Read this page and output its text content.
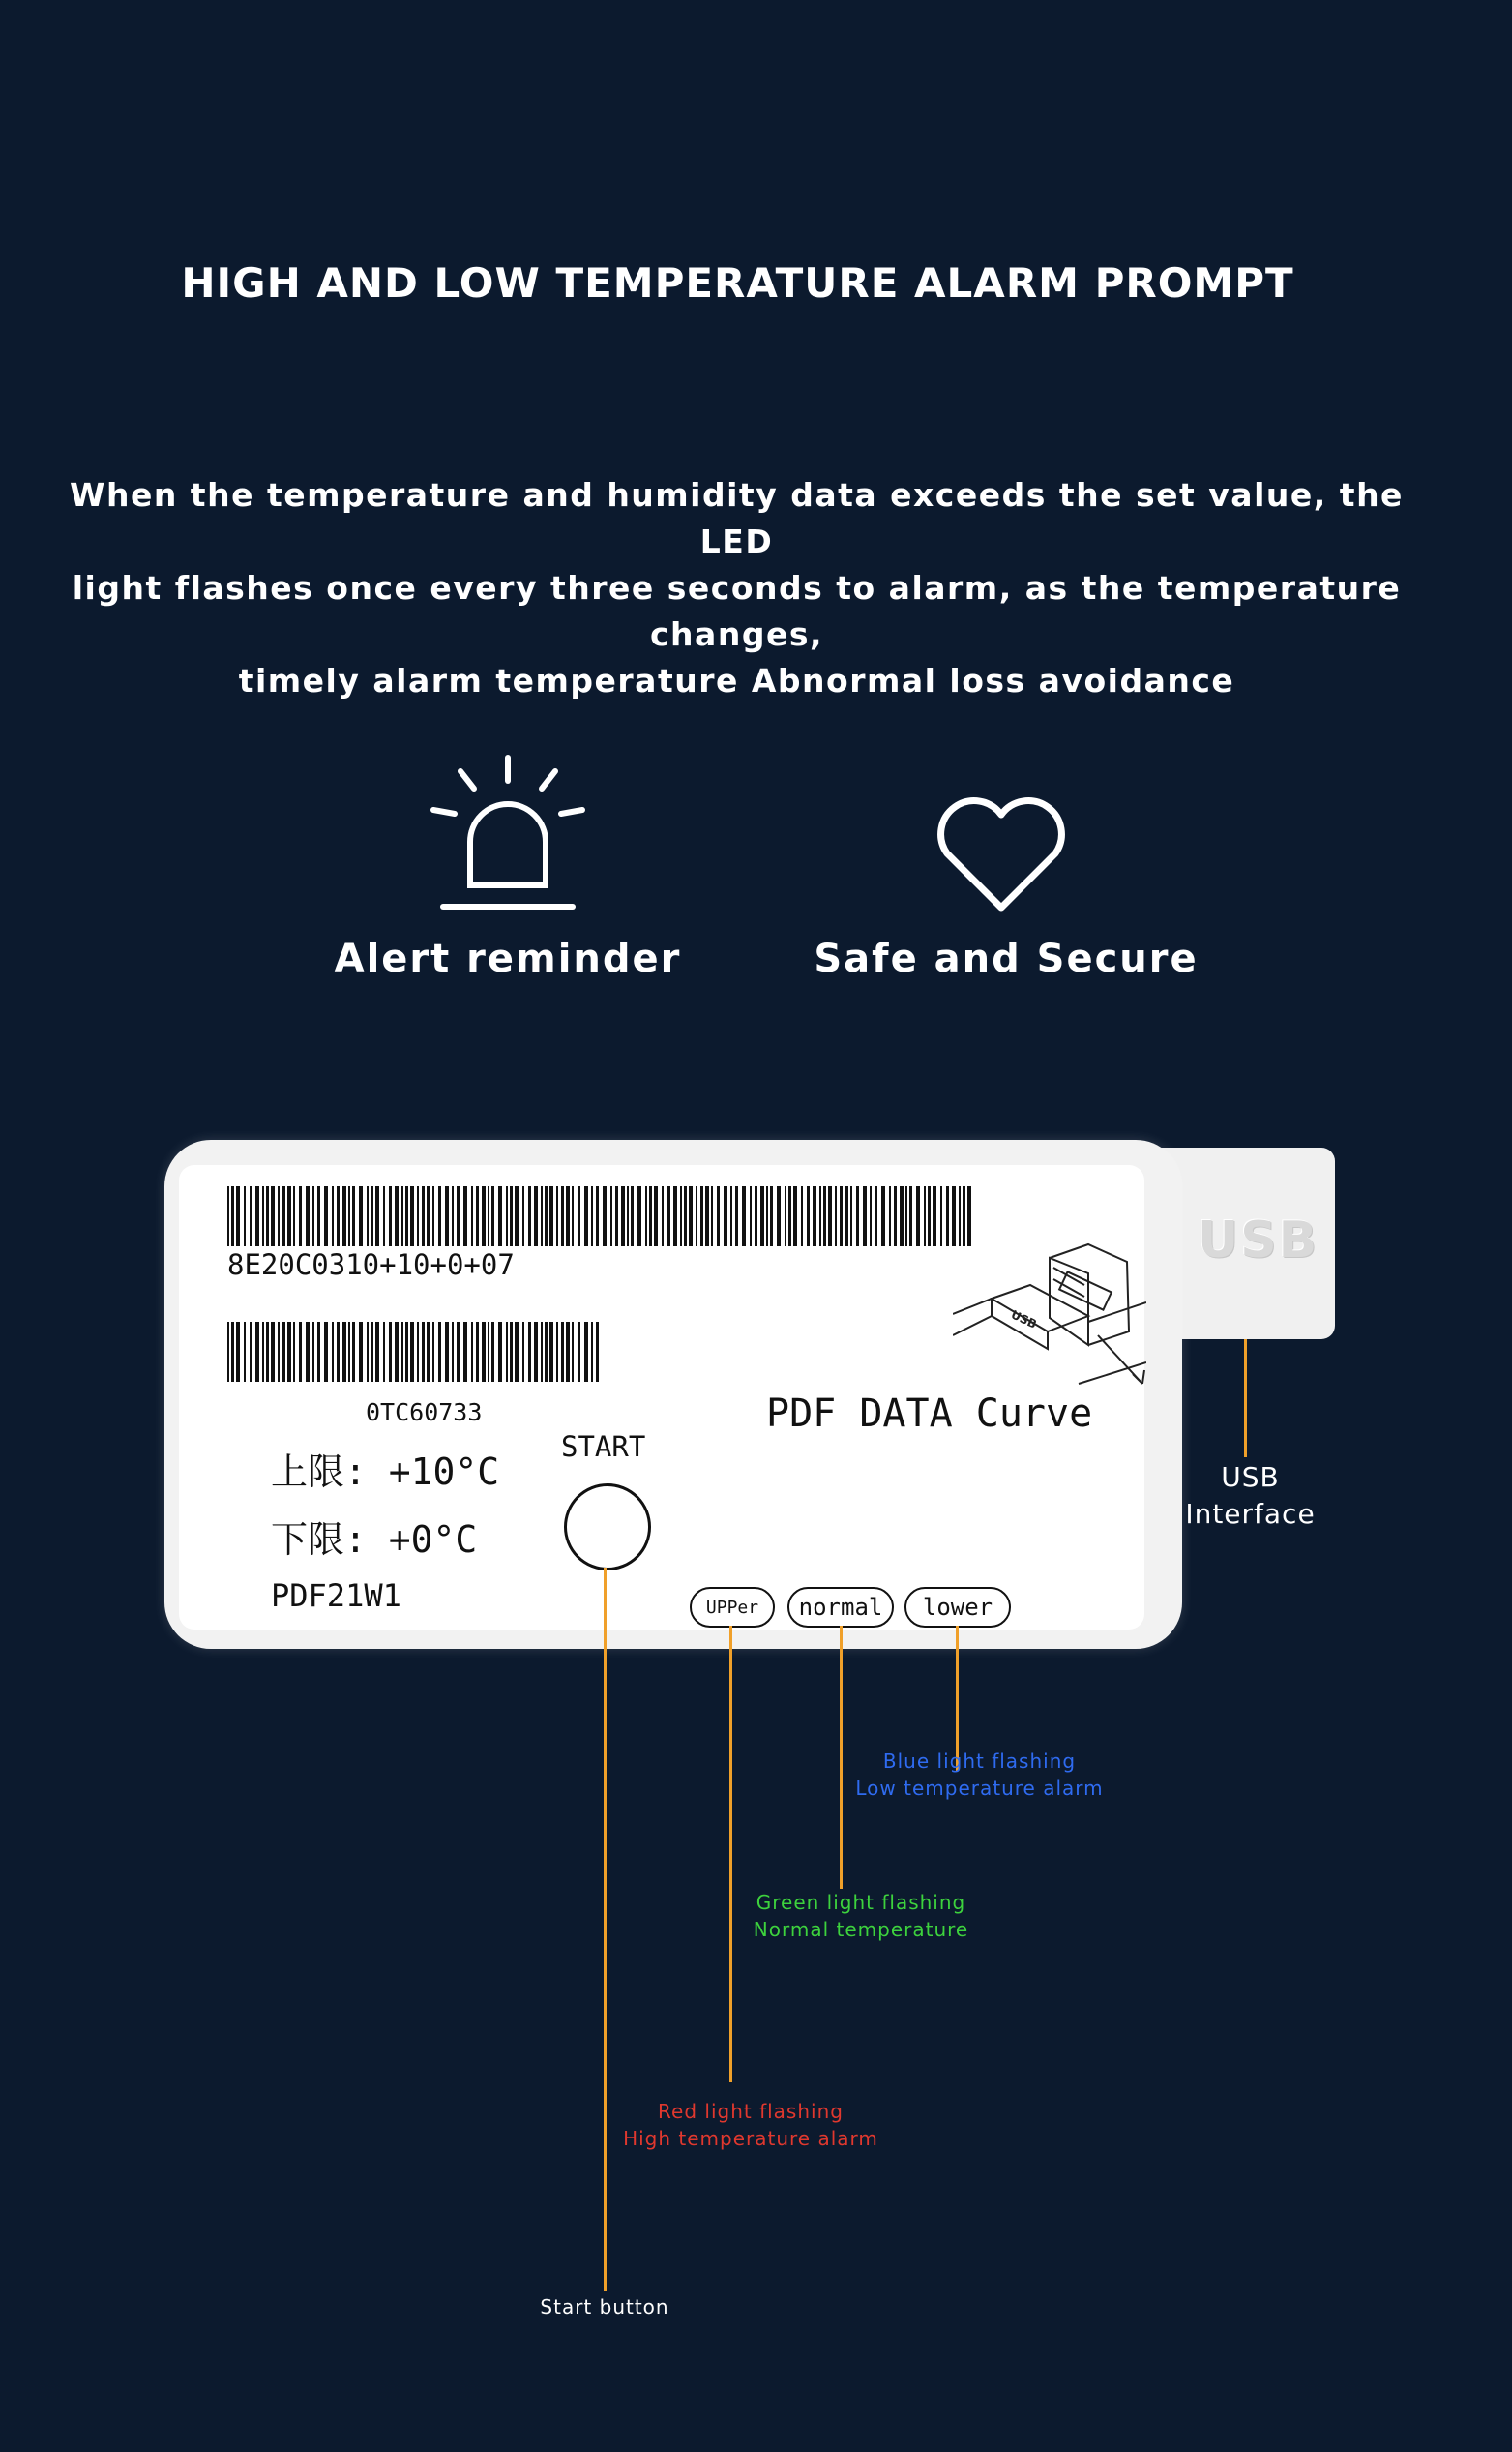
HIGH AND LOW TEMPERATURE ALARM PROMPT
When the temperature and humidity data exceeds the set value, the LED
light flashes once every three seconds to alarm, as the temperature changes,
timely alarm temperature Abnormal loss avoidance
Alert reminder	Safe and Secure
USB
8E20C0310+10+0+07
0TC60733
上限: +10°C
下限: +0°C
PDF21W1
START
PDF DATA Curve
USB
UPPer	normal	lower
USB
Interface
Blue light flashing
Low temperature alarm
Green light flashing
Normal temperature
Red light flashing
High temperature alarm
Start button
